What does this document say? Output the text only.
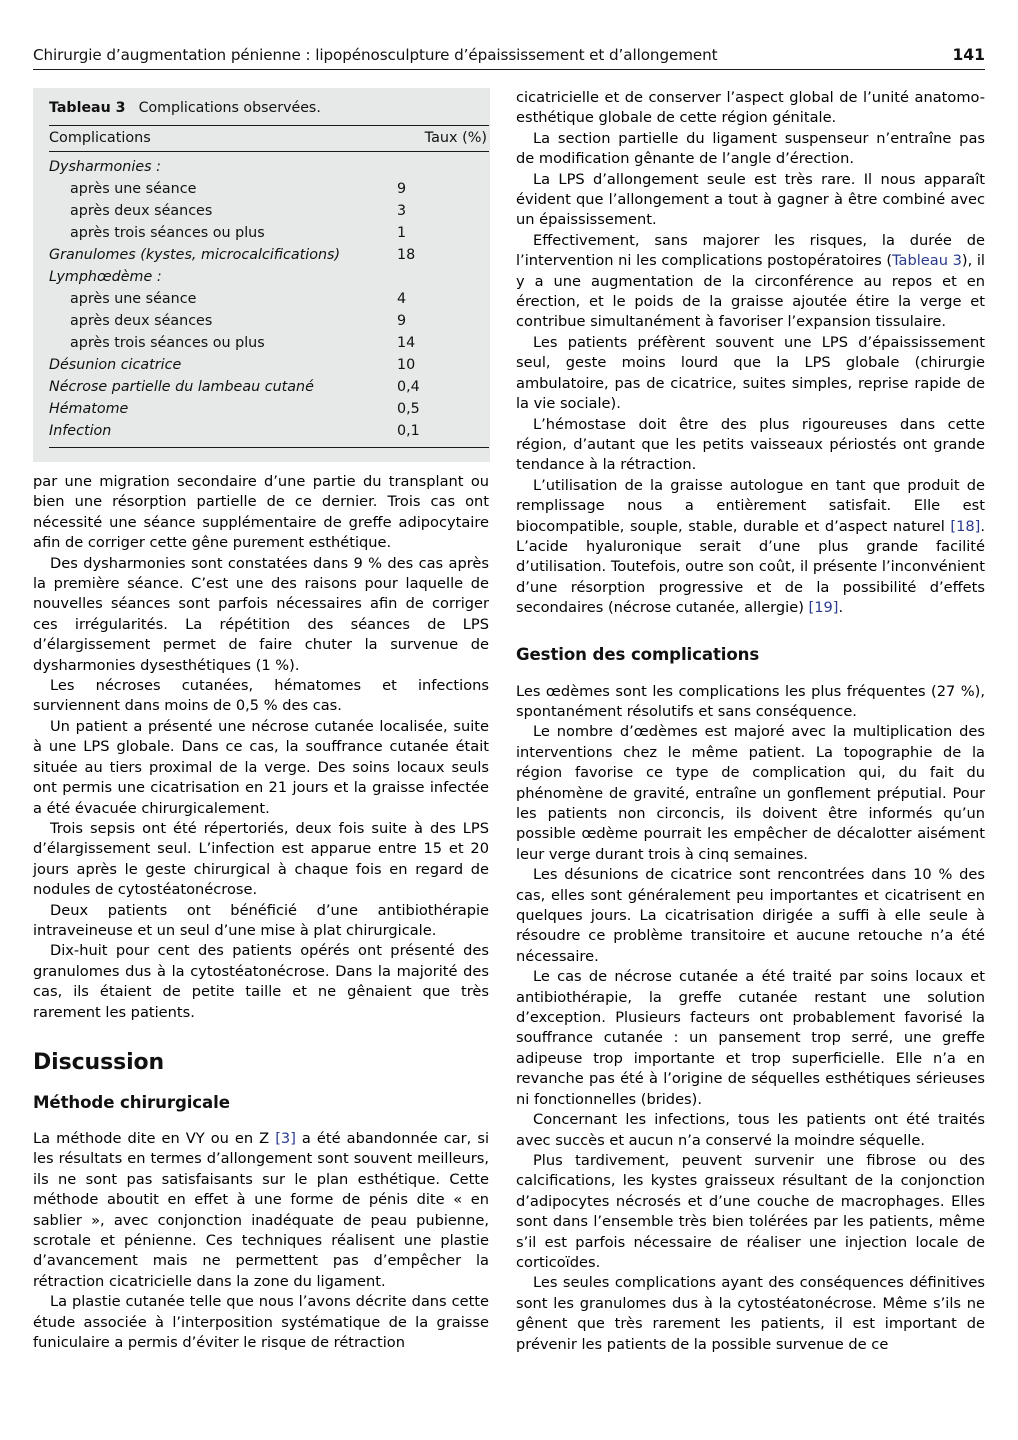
Chirurgie d’augmentation pénienne : lipopénosculpture d’épaississement et d’allongement	141
Tableau 3 Complications observées.
Complications	Taux (%)
Dysharmonies :	
après une séance	9
après deux séances	3
après trois séances ou plus	1
Granulomes (kystes, microcalcifications)	18
Lymphœdème :	
après une séance	4
après deux séances	9
après trois séances ou plus	14
Désunion cicatrice	10
Nécrose partielle du lambeau cutané	0,4
Hématome	0,5
Infection	0,1

par une migration secondaire d’une partie du transplant ou bien une résorption partielle de ce dernier. Trois cas ont nécessité une séance supplémentaire de greffe adipocytaire afin de corriger cette gêne purement esthétique.

Des dysharmonies sont constatées dans 9 % des cas après la première séance. C’est une des raisons pour laquelle de nouvelles séances sont parfois nécessaires afin de corriger ces irrégularités. La répétition des séances de LPS d’élargissement permet de faire chuter la survenue de dysharmonies dysesthétiques (1 %).

Les nécroses cutanées, hématomes et infections surviennent dans moins de 0,5 % des cas.

Un patient a présenté une nécrose cutanée localisée, suite à une LPS globale. Dans ce cas, la souffrance cutanée était située au tiers proximal de la verge. Des soins locaux seuls ont permis une cicatrisation en 21 jours et la graisse infectée a été évacuée chirurgicalement.

Trois sepsis ont été répertoriés, deux fois suite à des LPS d’élargissement seul. L’infection est apparue entre 15 et 20 jours après le geste chirurgical à chaque fois en regard de nodules de cytostéatonécrose.

Deux patients ont bénéficié d’une antibiothérapie intraveineuse et un seul d’une mise à plat chirurgicale.

Dix-huit pour cent des patients opérés ont présenté des granulomes dus à la cytostéatonécrose. Dans la majorité des cas, ils étaient de petite taille et ne gênaient que très rarement les patients.

Discussion
Méthode chirurgicale

La méthode dite en VY ou en Z [3] a été abandonnée car, si les résultats en termes d’allongement sont souvent meilleurs, ils ne sont pas satisfaisants sur le plan esthétique. Cette méthode aboutit en effet à une forme de pénis dite « en sablier », avec conjonction inadéquate de peau pubienne, scrotale et pénienne. Ces techniques réalisent une plastie d’avancement mais ne permettent pas d’empêcher la rétraction cicatricielle dans la zone du ligament.

La plastie cutanée telle que nous l’avons décrite dans cette étude associée à l’interposition systématique de la graisse funiculaire a permis d’éviter le risque de rétraction

cicatricielle et de conserver l’aspect global de l’unité anatomo-esthétique globale de cette région génitale.

La section partielle du ligament suspenseur n’entraîne pas de modification gênante de l’angle d’érection.

La LPS d’allongement seule est très rare. Il nous apparaît évident que l’allongement a tout à gagner à être combiné avec un épaississement.

Effectivement, sans majorer les risques, la durée de l’intervention ni les complications postopératoires (Tableau 3), il y a une augmentation de la circonférence au repos et en érection, et le poids de la graisse ajoutée étire la verge et contribue simultanément à favoriser l’expansion tissulaire.

Les patients préfèrent souvent une LPS d’épaississement seul, geste moins lourd que la LPS globale (chirurgie ambulatoire, pas de cicatrice, suites simples, reprise rapide de la vie sociale).

L’hémostase doit être des plus rigoureuses dans cette région, d’autant que les petits vaisseaux périostés ont grande tendance à la rétraction.

L’utilisation de la graisse autologue en tant que produit de remplissage nous a entièrement satisfait. Elle est biocompatible, souple, stable, durable et d’aspect naturel [18]. L’acide hyaluronique serait d’une plus grande facilité d’utilisation. Toutefois, outre son coût, il présente l’inconvénient d’une résorption progressive et de la possibilité d’effets secondaires (nécrose cutanée, allergie) [19].

Gestion des complications

Les œdèmes sont les complications les plus fréquentes (27 %), spontanément résolutifs et sans conséquence.

Le nombre d’œdèmes est majoré avec la multiplication des interventions chez le même patient. La topographie de la région favorise ce type de complication qui, du fait du phénomène de gravité, entraîne un gonflement préputial. Pour les patients non circoncis, ils doivent être informés qu’un possible œdème pourrait les empêcher de décalotter aisément leur verge durant trois à cinq semaines.

Les désunions de cicatrice sont rencontrées dans 10 % des cas, elles sont généralement peu importantes et cicatrisent en quelques jours. La cicatrisation dirigée a suffi à elle seule à résoudre ce problème transitoire et aucune retouche n’a été nécessaire.

Le cas de nécrose cutanée a été traité par soins locaux et antibiothérapie, la greffe cutanée restant une solution d’exception. Plusieurs facteurs ont probablement favorisé la souffrance cutanée : un pansement trop serré, une greffe adipeuse trop importante et trop superficielle. Elle n’a en revanche pas été à l’origine de séquelles esthétiques sérieuses ni fonctionnelles (brides).

Concernant les infections, tous les patients ont été traités avec succès et aucun n’a conservé la moindre séquelle.

Plus tardivement, peuvent survenir une fibrose ou des calcifications, les kystes graisseux résultant de la conjonction d’adipocytes nécrosés et d’une couche de macrophages. Elles sont dans l’ensemble très bien tolérées par les patients, même s’il est parfois nécessaire de réaliser une injection locale de corticoïdes.

Les seules complications ayant des conséquences définitives sont les granulomes dus à la cytostéatonécrose. Même s’ils ne gênent que très rarement les patients, il est important de prévenir les patients de la possible survenue de ce
